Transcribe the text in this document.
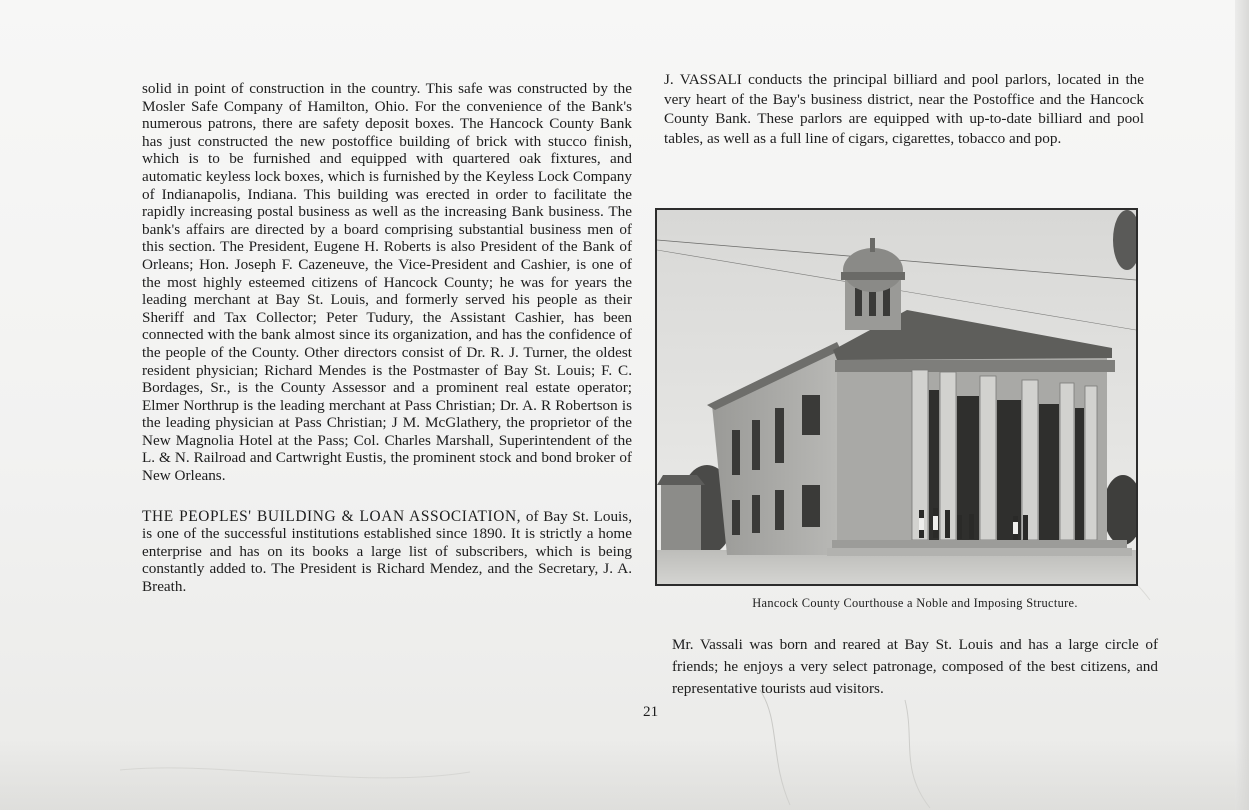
solid in point of construction in the country. This safe was constructed by the Mosler Safe Company of Hamilton, Ohio. For the convenience of the Bank's numerous patrons, there are safety deposit boxes. The Hancock County Bank has just constructed the new postoffice building of brick with stucco finish, which is to be furnished and equipped with quartered oak fixtures, and automatic keyless lock boxes, which is furnished by the Keyless Lock Company of Indianapolis, Indiana. This building was erected in order to facilitate the rapidly increasing postal business as well as the increasing Bank business. The bank's affairs are directed by a board comprising substantial business men of this section. The President, Eugene H. Roberts is also President of the Bank of Orleans; Hon. Joseph F. Cazeneuve, the Vice-President and Cashier, is one of the most highly esteemed citizens of Hancock County; he was for years the leading merchant at Bay St. Louis, and formerly served his people as their Sheriff and Tax Collector; Peter Tudury, the Assistant Cashier, has been connected with the bank almost since its organization, and has the confidence of the people of the County. Other directors consist of Dr. R. J. Turner, the oldest resident physician; Richard Mendes is the Postmaster of Bay St. Louis; F. C. Bordages, Sr., is the County Assessor and a prominent real estate operator; Elmer Northrup is the leading merchant at Pass Christian; Dr. A. R Robertson is the leading physician at Pass Christian; J M. McGlathery, the proprietor of the New Magnolia Hotel at the Pass; Col. Charles Marshall, Superintendent of the L. & N. Railroad and Cartwright Eustis, the prominent stock and bond broker of New Orleans.

THE PEOPLES' BUILDING & LOAN ASSOCIATION, of Bay St. Louis, is one of the successful institutions established since 1890. It is strictly a home enterprise and has on its books a large list of subscribers, which is being constantly added to. The President is Richard Mendez, and the Secretary, J. A. Breath.

J. VASSALI conducts the principal billiard and pool parlors, located in the very heart of the Bay's business district, near the Postoffice and the Hancock County Bank. These parlors are equipped with up-to-date billiard and pool tables, as well as a full line of cigars, cigarettes, tobacco and pop.

Hancock County Courthouse a Noble and Imposing Structure.

Mr. Vassali was born and reared at Bay St. Louis and has a large circle of friends; he enjoys a very select patronage, composed of the best citizens, and representative tourists aud visitors.

21
